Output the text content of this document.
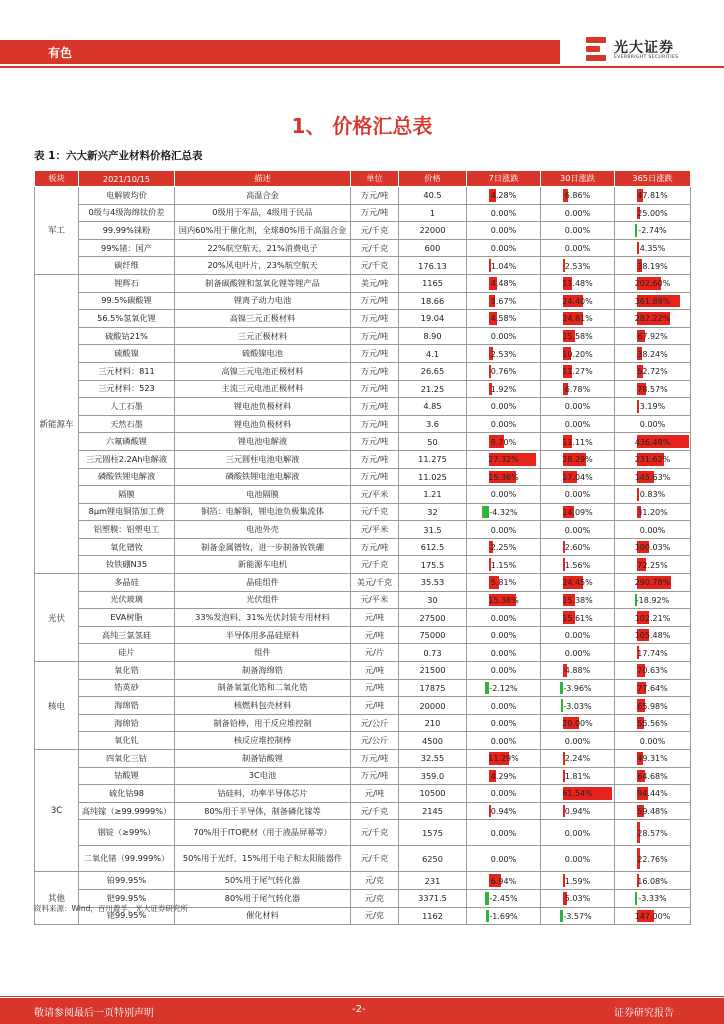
有色	光大证券
EVERBRIGHT SECURITIES
1、 价格汇总表
表 1：六大新兴产业材料价格汇总表
板块	2021/10/15	描述	单位	价格	7日涨跌	30日涨跌	365日涨跌
军工	电解铍均价	高温合金	万元/吨	40.5	4.28%	6.86%	47.81%
	0级与4级海绵钛价差	0级用于军品，4级用于民品	万元/吨	1	0.00%	0.00%	25.00%
	99.99%铼粉	国内60%用于催化剂，全球80%用于高温合金	元/千克	22000	0.00%	0.00%	-2.74%
	99%锗：国产	22%航空航天、21%消费电子	元/千克	600	0.00%	0.00%	4.35%
	碳纤维	20%风电叶片，23%航空航天	元/千克	176.13	1.04%	2.53%	38.19%
新能源车	锂辉石	制备碳酸锂和氢氧化锂等锂产品	美元/吨	1165	4.48%	11.48%	202.60%
	99.5%碳酸锂	锂离子动力电池	万元/吨	18.66	3.67%	24.40%	361.88%
	56.5%氢氧化锂	高镍三元正极材料	万元/吨	19.04	4.58%	24.81%	282.22%
	硫酸钴21%	三元正极材料	万元/吨	8.90	0.00%	15.58%	67.92%
	硫酸镍	硫酸镍电池	万元/吨	4.1	2.53%	10.20%	38.24%
	三元材料：811	高镍三元电池正极材料	万元/吨	26.65	0.76%	11.27%	52.72%
	三元材料：523	主流三元电池正极材料	万元/吨	21.25	1.92%	6.78%	78.57%
	人工石墨	锂电池负极材料	万元/吨	4.85	0.00%	0.00%	3.19%
	天然石墨	锂电池负极材料	万元/吨	3.6	0.00%	0.00%	0.00%
	六氟磷酸锂	锂电池电解液	万元/吨	50	8.70%	11.11%	436.48%
	三元圆柱2.2Ah电解液	三元圆柱电池电解液	万元/吨	11.275	27.32%	28.29%	231.62%
	磷酸铁锂电解液	磷酸铁锂电池电解液	万元/吨	11.025	15.36%	17.04%	145.63%
	隔膜	电池隔膜	元/平米	1.21	0.00%	0.00%	0.83%
	8μm锂电铜箔加工费	铜箔：电解铜，锂电池负极集流体	元/千克	32	-4.32%	14.09%	31.20%
	铝塑膜：铝塑电工	电池外壳	元/平米	31.5	0.00%	0.00%	0.00%
	氧化镨钕	制备金属镨钕，进一步制备钕铁硼	万元/吨	612.5	2.25%	2.60%	100.03%
	钕铁硼N35	新能源车电机	元/千克	175.5	1.15%	1.56%	72.25%
光伏	多晶硅	晶硅组件	美元/千克	35.53	5.81%	24.45%	290.78%
	光伏玻璃	光伏组件	元/平米	30	15.38%	15.38%	-18.92%
	EVA树脂	33%发泡料、31%光伏封装专用材料	元/吨	27500	0.00%	15.61%	102.21%
	高纯三氯氢硅	半导体用多晶硅原料	元/吨	75000	0.00%	0.00%	105.48%
	硅片	组件	元/片	0.73	0.00%	0.00%	17.74%
核电	氧化锆	制备海绵锆	元/吨	21500	0.00%	4.88%	70.63%
	锆英砂	制备氧氯化锆和二氧化锆	元/吨	17875	-2.12%	-3.96%	77.64%
	海绵锆	核燃料包壳材料	元/吨	20000	0.00%	-3.03%	65.98%
	海绵铪	制备铪棒，用于反应堆控制	元/公斤	210	0.00%	20.00%	55.56%
	氧化钆	核反应堆控制棒	元/公斤	4500	0.00%	0.00%	0.00%
3C	四氧化三钴	制备钴酸锂	万元/吨	32.55	11.29%	2.24%	49.31%
	钴酸锂	3C电池	万元/吨	359.0	4.29%	1.81%	64.68%
	硫化钴98	钴硅料，功率半导体芯片	元/吨	10500	0.00%	61.54%	94.44%
	高纯镓（≥99.9999%）	80%用于半导体，制备磷化镓等	元/千克	2145	0.94%	0.94%	59.48%
	铟锭（≥99%）	70%用于ITO靶材（用于液晶屏幕等）	元/千克	1575	0.00%	0.00%	28.57%
	二氧化锗（99.999%）	50%用于光纤，15%用于电子和太阳能器件	元/千克	6250	0.00%	0.00%	22.76%
其他	铂99.95%	50%用于尾气转化器	元/克	231	6.94%	1.59%	16.08%
	钯99.95%	80%用于尾气转化器	元/克	3371.5	-2.45%	5.03%	-3.33%
	铑99.95%	催化材料	元/克	1162	-1.69%	-3.57%	147.00%
资料来源：Wind，百川盈孚，光大证券研究所
敬请参阅最后一页特别声明	-2-	证券研究报告
